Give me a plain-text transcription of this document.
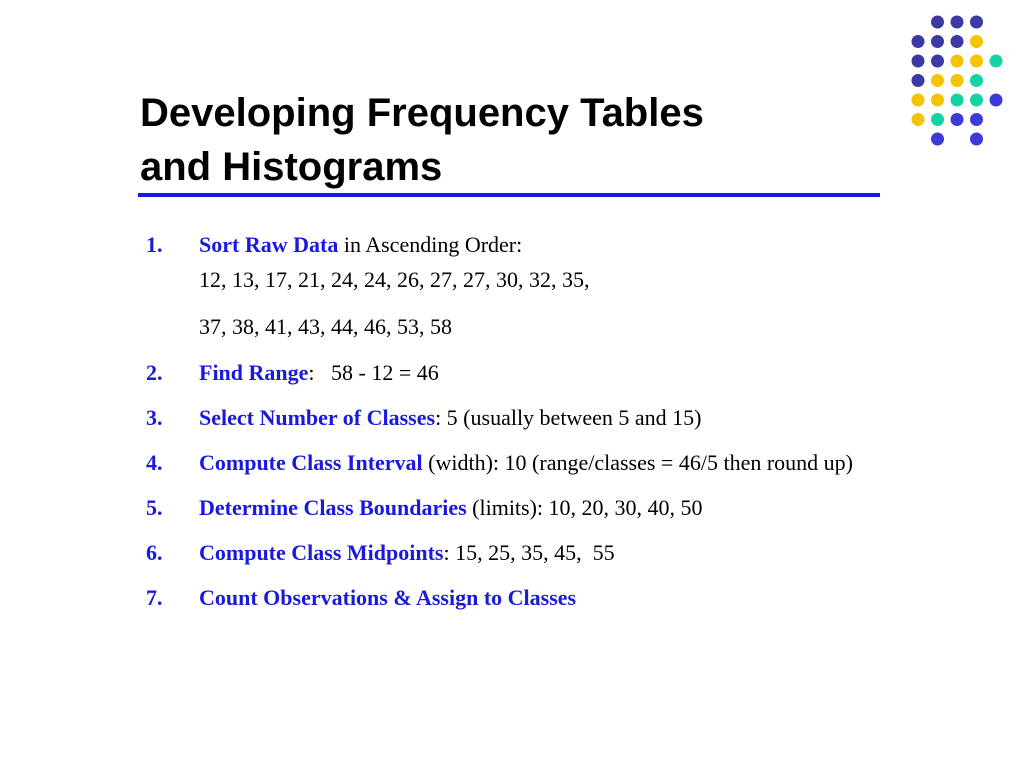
Developing Frequency Tables
and Histograms
1. Sort Raw Data in Ascending Order:
12, 13, 17, 21, 24, 24, 26, 27, 27, 30, 32, 35,
37, 38, 41, 43, 44, 46, 53, 58
2. Find Range:   58 - 12 = 46
3. Select Number of Classes: 5 (usually between 5 and 15)
4. Compute Class Interval (width): 10 (range/classes = 46/5 then round up)
5. Determine Class Boundaries (limits): 10, 20, 30, 40, 50
6. Compute Class Midpoints: 15, 25, 35, 45,  55
7. Count Observations & Assign to Classes
